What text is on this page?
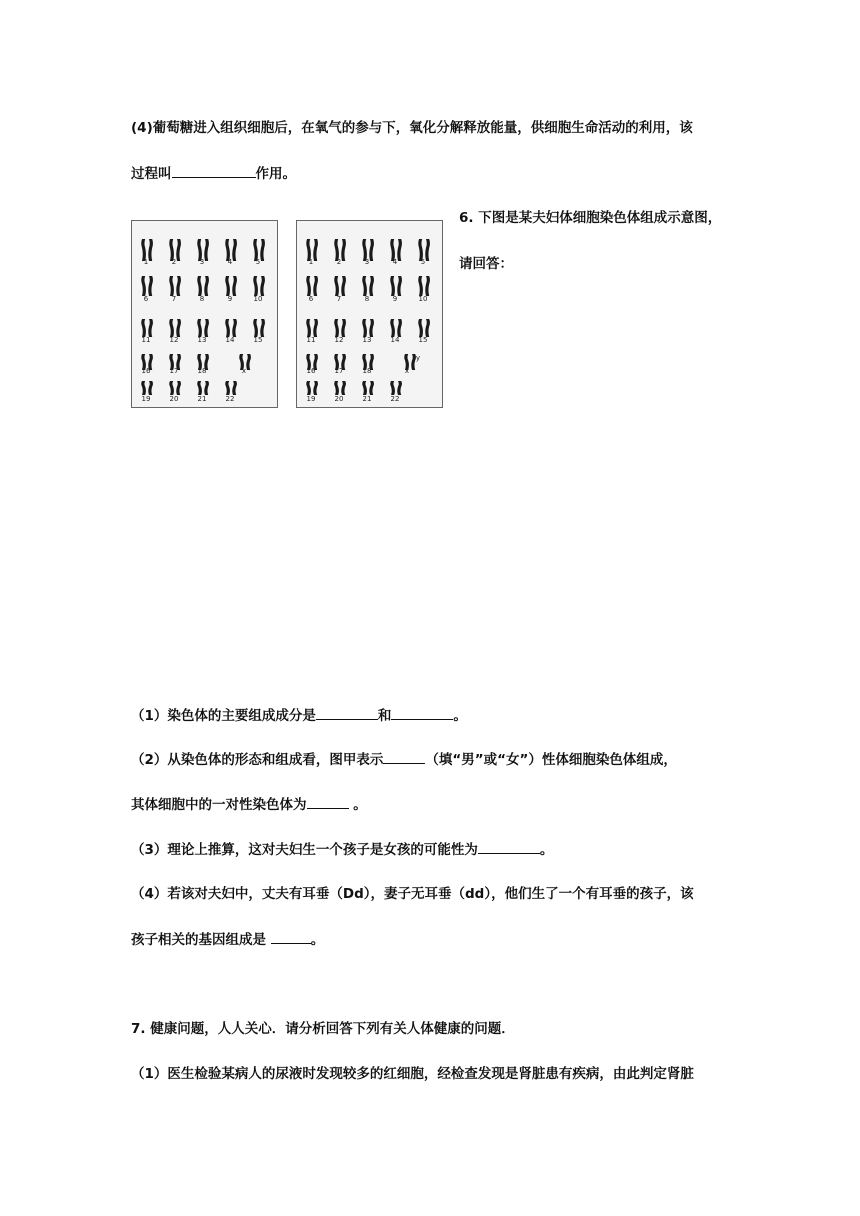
(4)葡萄糖进入组织细胞后，在氧气的参与下，氧化分解释放能量，供细胞生命活动的利用，该
过程叫	作用。
6. 下图是某夫妇体细胞染色体组成示意图，
请回答：
1	2	3	4	5
6	7	8	9	10
11	12	13	14	15
16	17	18	x
19	20	21	22
1	2	3	4	5
6	7	8	9	10
11	12	13	14	15
16	17	18	x
y
19	20	21	22
（1）染色体的主要组成成分是	和	。
（2）从染色体的形态和组成看，图甲表示	（填“男”或“女”）性体细胞染色体组成，
其体细胞中的一对性染色体为	。
（3）理论上推算，这对夫妇生一个孩子是女孩的可能性为	。
（4）若该对夫妇中，丈夫有耳垂（Dd），妻子无耳垂（dd），他们生了一个有耳垂的孩子，该
孩子相关的基因组成是	。
7. 健康问题，人人关心．请分析回答下列有关人体健康的问题．
（1）医生检验某病人的尿液时发现较多的红细胞，经检查发现是肾脏患有疾病，由此判定肾脏
